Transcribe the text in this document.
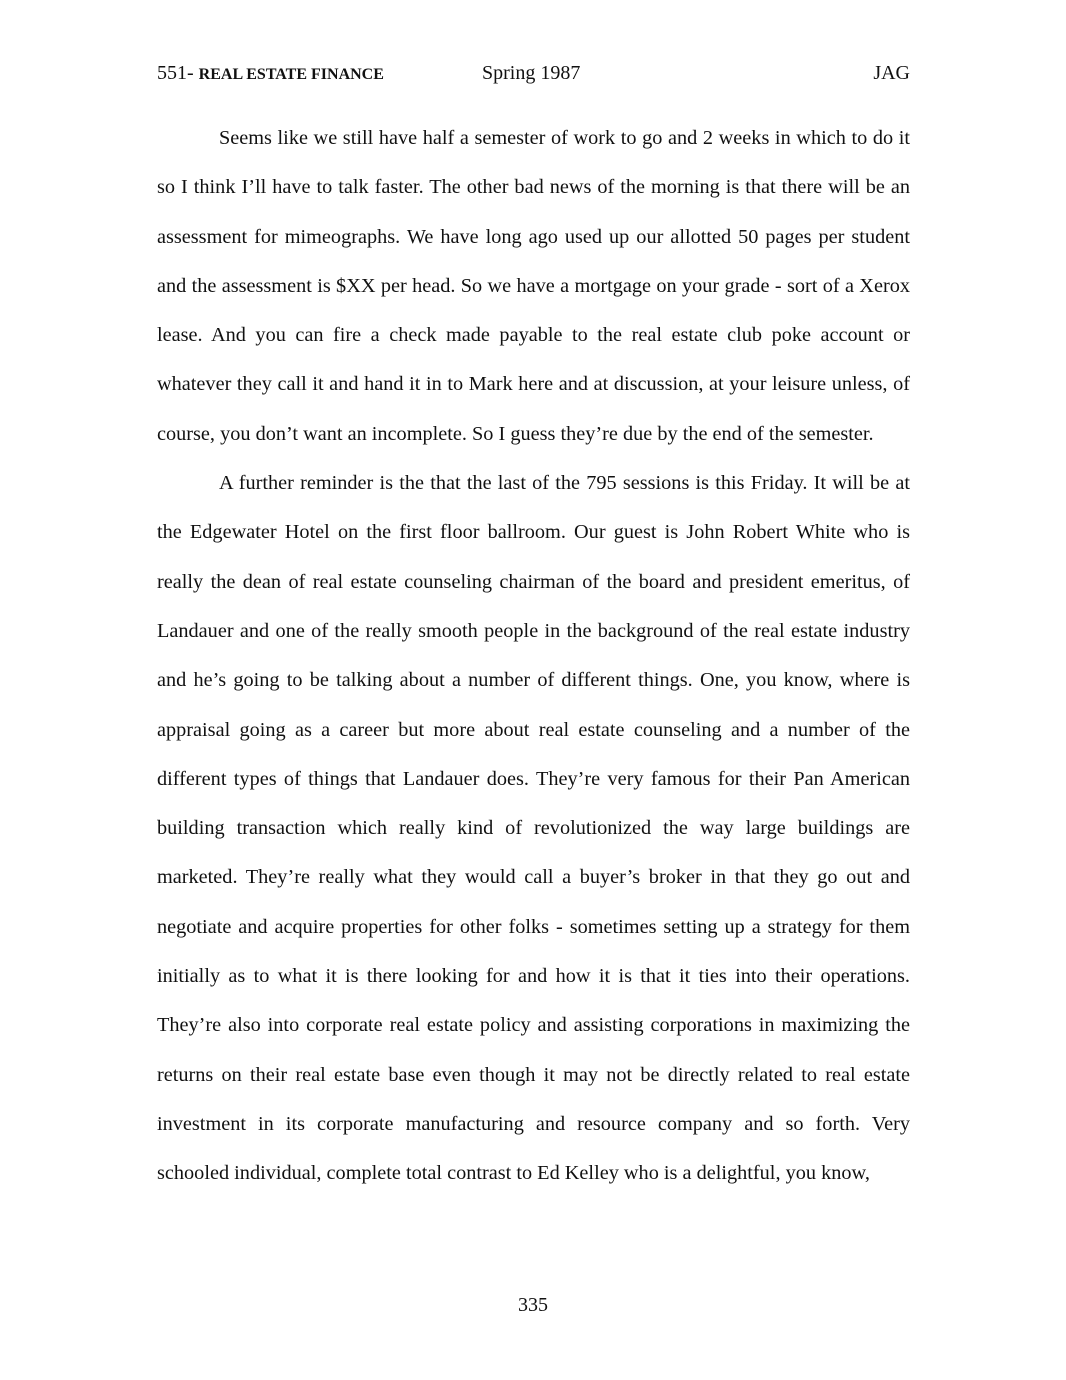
551- REAL ESTATE FINANCE	Spring 1987	JAG

Seems like we still have half a semester of work to go and 2 weeks in which to do it so I think I’ll have to talk faster. The other bad news of the morning is that there will be an assessment for mimeographs. We have long ago used up our allotted 50 pages per student and the assessment is $XX per head. So we have a mortgage on your grade - sort of a Xerox lease. And you can fire a check made payable to the real estate club poke account or whatever they call it and hand it in to Mark here and at discussion, at your leisure unless, of course, you don’t want an incomplete. So I guess they’re due by the end of the semester.

A further reminder is the that the last of the 795 sessions is this Friday. It will be at the Edgewater Hotel on the first floor ballroom. Our guest is John Robert White who is really the dean of real estate counseling chairman of the board and president emeritus, of Landauer and one of the really smooth people in the background of the real estate industry and he’s going to be talking about a number of different things. One, you know, where is appraisal going as a career but more about real estate counseling and a number of the different types of things that Landauer does. They’re very famous for their Pan American building transaction which really kind of revolutionized the way large buildings are marketed. They’re really what they would call a buyer’s broker in that they go out and negotiate and acquire properties for other folks - sometimes setting up a strategy for them initially as to what it is there looking for and how it is that it ties into their operations. They’re also into corporate real estate policy and assisting corporations in maximizing the returns on their real estate base even though it may not be directly related to real estate investment in its corporate manufacturing and resource company and so forth. Very schooled individual, complete total contrast to Ed Kelley who is a delightful, you know,

335
